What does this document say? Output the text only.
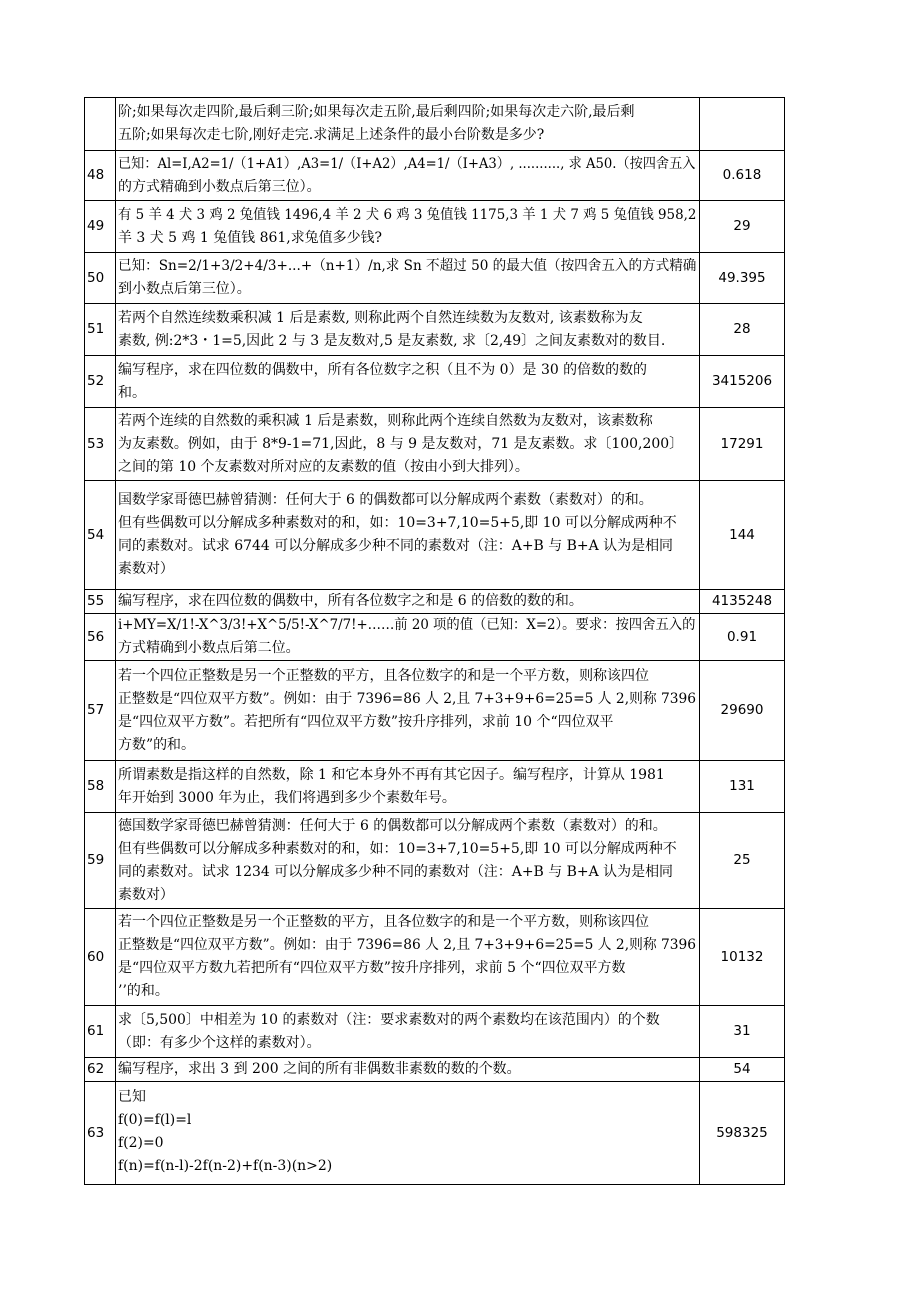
	阶;如果每次走四阶,最后剩三阶;如果每次走五阶,最后剩四阶;如果每次走六阶,最后剩
五阶;如果每次走七阶,刚好走完.求满足上述条件的最小台阶数是多少?	

48	已知：Al=I,A2=1/（1+A1）,A3=1/（I+A2）,A4=1/（I+A3）, .........., 求 A50.（按四舍五入
的方式精确到小数点后第三位）。	0.618
49	有 5 羊 4 犬 3 鸡 2 兔值钱 1496,4 羊 2 犬 6 鸡 3 兔值钱 1175,3 羊 1 犬 7 鸡 5 兔值钱 958,2
羊 3 犬 5 鸡 1 兔值钱 861,求兔值多少钱?	29
50	已知：Sn=2/1+3/2+4/3+...+（n+1）/n,求 Sn 不超过 50 的最大值（按四舍五入的方式精确
到小数点后第三位）。	49.395
51	若两个自然连续数乘积减 1 后是素数, 则称此两个自然连续数为友数对, 该素数称为友
素数, 例:2*3・1=5,因此 2 与 3 是友数对,5 是友素数, 求〔2,49〕之间友素数对的数目.	28
52	编写程序，求在四位数的偶数中，所有各位数字之积（且不为 0）是 30 的倍数的数的
和。	3415206
53	若两个连续的自然数的乘积减 1 后是素数，则称此两个连续自然数为友数对，该素数称
为友素数。例如，由于 8*9-1=71,因此，8 与 9 是友数对，71 是友素数。求〔100,200〕
之间的第 10 个友素数对所对应的友素数的值（按由小到大排列）。	17291
54	国数学家哥德巴赫曾猜测：任何大于 6 的偶数都可以分解成两个素数（素数对）的和。
但有些偶数可以分解成多种素数对的和，如：10=3+7,10=5+5,即 10 可以分解成两种不
同的素数对。试求 6744 可以分解成多少种不同的素数对（注：A+B 与 B+A 认为是相同
素数对）	144
55	编写程序，求在四位数的偶数中，所有各位数字之和是 6 的倍数的数的和。	4135248
56	i+MY=X/1!-X^3/3!+X^5/5!-X^7/7!+……前 20 项的值（已知：X=2）。要求：按四舍五入的
方式精确到小数点后第二位。	0.91
57	若一个四位正整数是另一个正整数的平方，且各位数字的和是一个平方数，则称该四位
正整数是“四位双平方数”。例如：由于 7396=86 人 2,且 7+3+9+6=25=5 人 2,则称 7396
是“四位双平方数”。若把所有“四位双平方数”按升序排列，求前 10 个“四位双平
方数”的和。	29690
58	所谓素数是指这样的自然数，除 1 和它本身外不再有其它因子。编写程序，计算从 1981
年开始到 3000 年为止，我们将遇到多少个素数年号。	131
59	德国数学家哥德巴赫曾猜测：任何大于 6 的偶数都可以分解成两个素数（素数对）的和。
但有些偶数可以分解成多种素数对的和，如：10=3+7,10=5+5,即 10 可以分解成两种不
同的素数对。试求 1234 可以分解成多少种不同的素数对（注：A+B 与 B+A 认为是相同
素数对）	25
60	若一个四位正整数是另一个正整数的平方，且各位数字的和是一个平方数，则称该四位
正整数是“四位双平方数”。例如：由于 7396=86 人 2,且 7+3+9+6=25=5 人 2,则称 7396
是“四位双平方数九若把所有“四位双平方数”按升序排列，求前 5 个“四位双平方数
’’的和。	10132
61	求〔5,500〕中相差为 10 的素数对（注：要求素数对的两个素数均在该范围内）的个数
（即：有多少个这样的素数对）。	31
62	编写程序，求出 3 到 200 之间的所有非偶数非素数的数的个数。	54
63	已知
f(0)=f(l)=l
f(2)=0
f(n)=f(n-l)-2f(n-2)+f(n-3)(n>2)	598325
